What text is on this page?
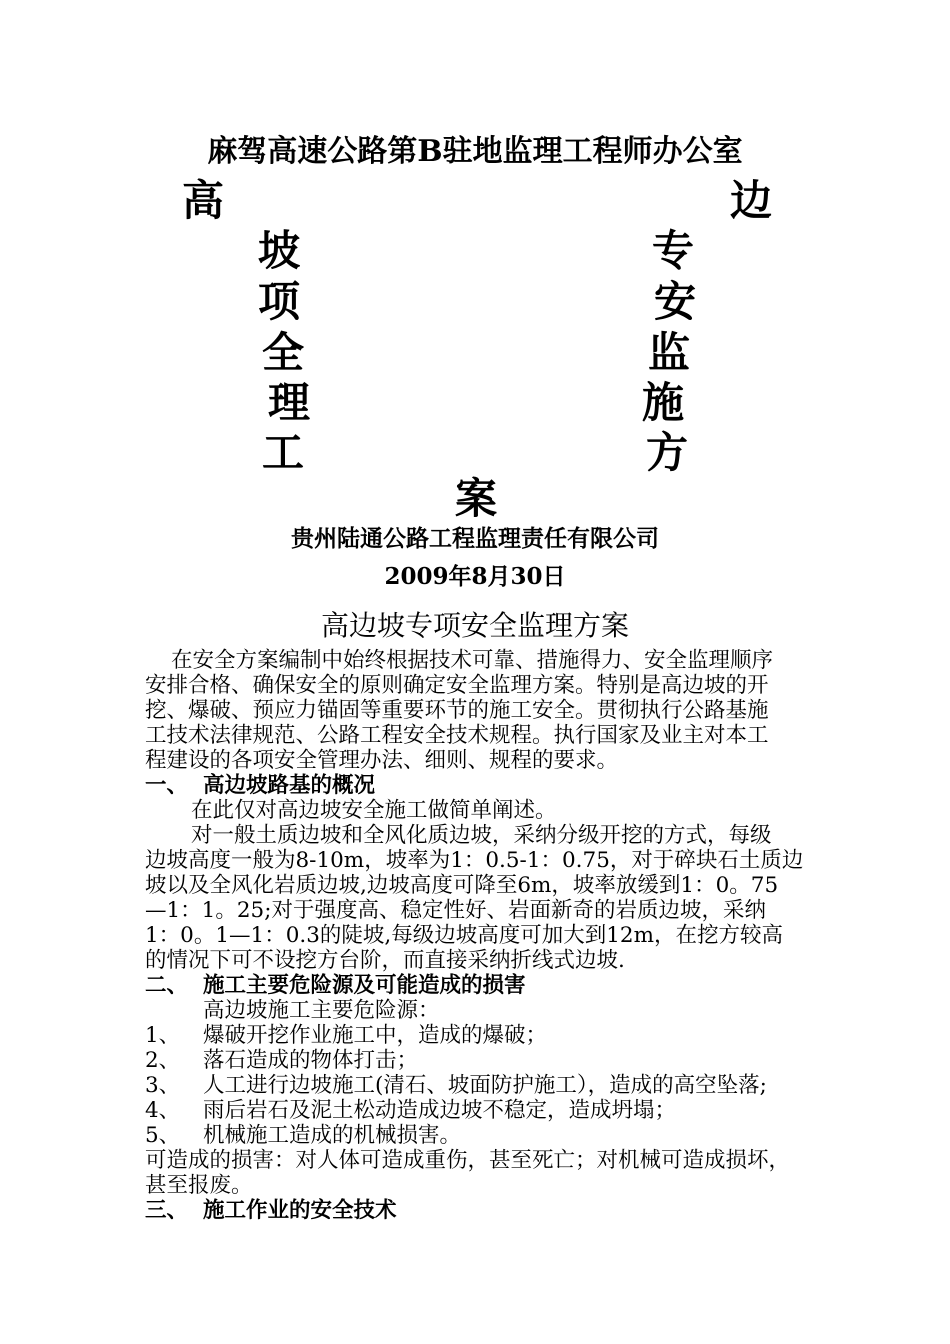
麻驾高速公路第B驻地监理工程师办公室
高	边
坡	专
项	安
全	监
理	施
工	方
案
贵州陆通公路工程监理责任有限公司
2009年8月30日
高边坡专项安全监理方案

在安全方案编制中始终根据技术可靠、措施得力、安全监理顺序

安排合格、确保安全的原则确定安全监理方案。特别是高边坡的开

挖、爆破、预应力锚固等重要环节的施工安全。贯彻执行公路基施

工技术法律规范、公路工程安全技术规程。执行国家及业主对本工

程建设的各项安全管理办法、细则、规程的要求。

一、 高边坡路基的概况

在此仅对高边坡安全施工做简单阐述。

对一般土质边坡和全风化质边坡，采纳分级开挖的方式，每级

边坡高度一般为8-10m，坡率为1：0.5-1：0.75，对于碎块石土质边

坡以及全风化岩质边坡,边坡高度可降至6m，坡率放缓到1：0。75

—1：1。25;对于强度高、稳定性好、岩面新奇的岩质边坡，采纳

1：0。1—1：0.3的陡坡,每级边坡高度可加大到12m，在挖方较高

的情况下可不设挖方台阶，而直接采纳折线式边坡.

二、 施工主要危险源及可能造成的损害

高边坡施工主要危险源：

1、 爆破开挖作业施工中，造成的爆破；

2、 落石造成的物体打击；

3、 人工进行边坡施工(清石、坡面防护施工），造成的高空坠落;

4、 雨后岩石及泥土松动造成边坡不稳定，造成坍塌；

5、 机械施工造成的机械损害。

可造成的损害：对人体可造成重伤，甚至死亡；对机械可造成损坏，

甚至报废。

三、 施工作业的安全技术
